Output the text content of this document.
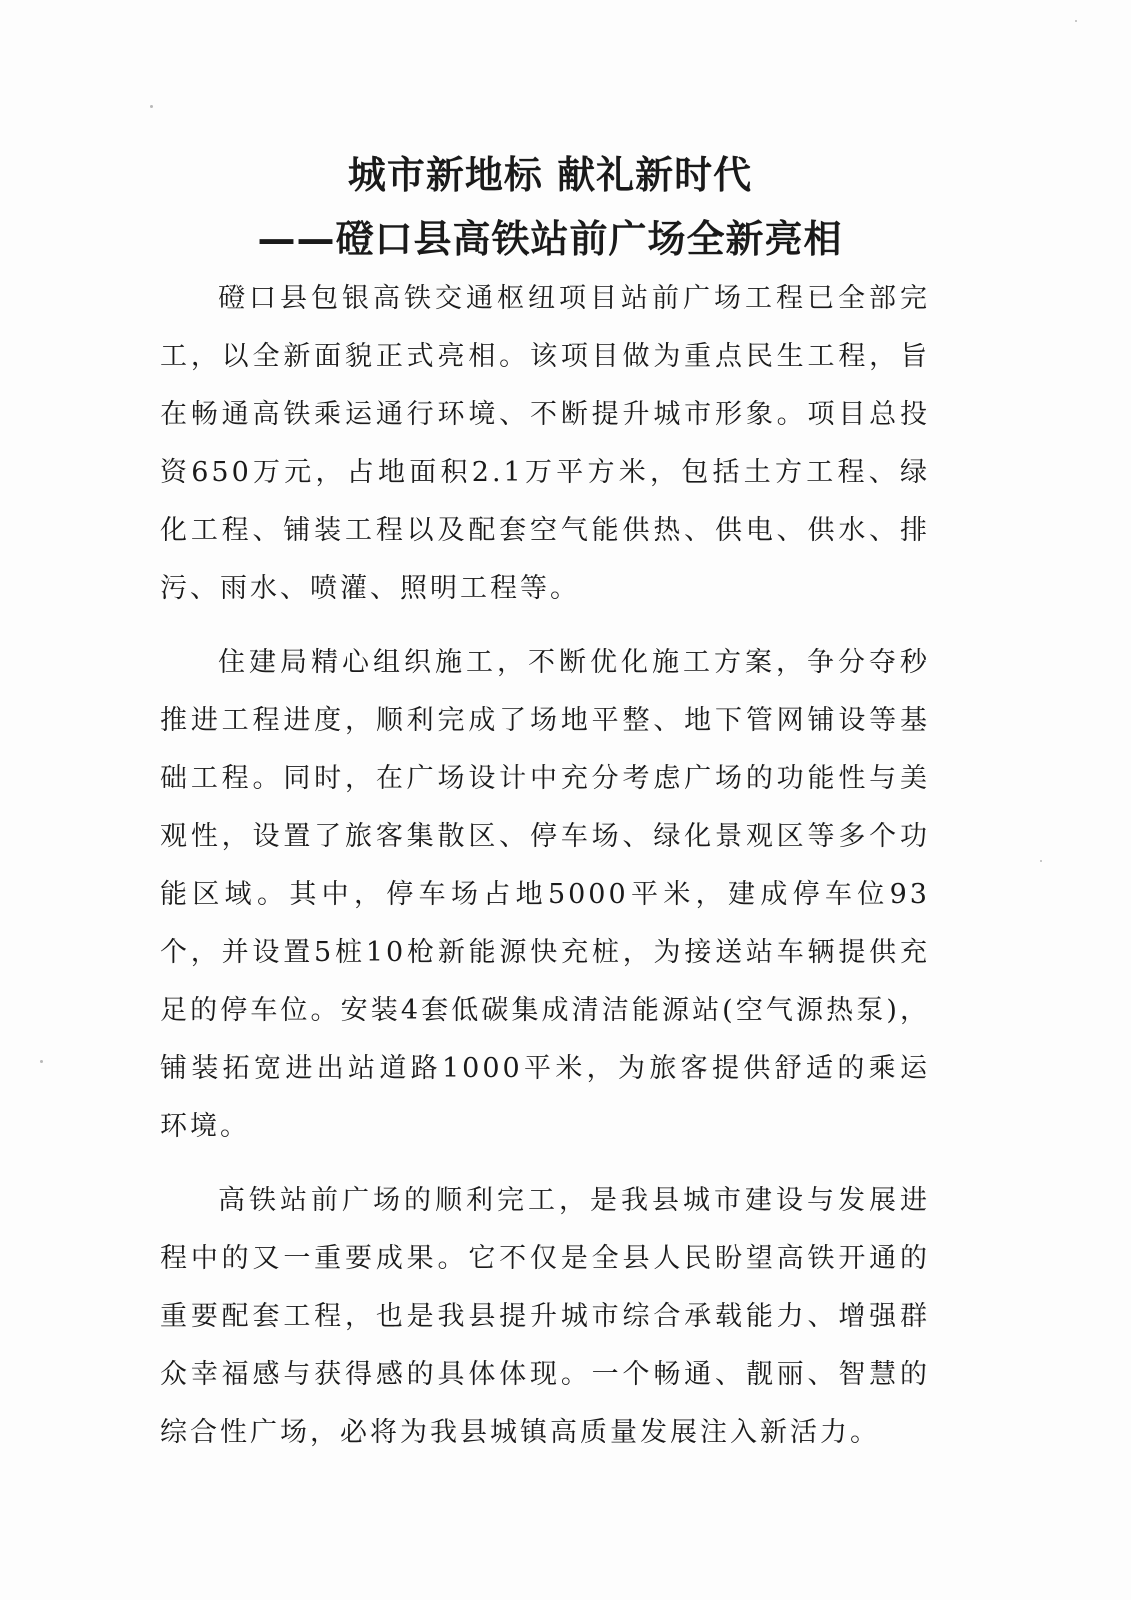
城市新地标 献礼新时代
——磴口县高铁站前广场全新亮相

磴口县包银高铁交通枢纽项目站前广场工程已全部完工，以全新面貌正式亮相。该项目做为重点民生工程，旨在畅通高铁乘运通行环境、不断提升城市形象。项目总投资650万元，占地面积2.1万平方米，包括土方工程、绿化工程、铺装工程以及配套空气能供热、供电、供水、排污、雨水、喷灌、照明工程等。

住建局精心组织施工，不断优化施工方案，争分夺秒推进工程进度，顺利完成了场地平整、地下管网铺设等基础工程。同时，在广场设计中充分考虑广场的功能性与美观性，设置了旅客集散区、停车场、绿化景观区等多个功能区域。其中，停车场占地5000平米，建成停车位93个，并设置5桩10枪新能源快充桩，为接送站车辆提供充足的停车位。安装4套低碳集成清洁能源站(空气源热泵)，铺装拓宽进出站道路1000平米，为旅客提供舒适的乘运环境。

高铁站前广场的顺利完工，是我县城市建设与发展进程中的又一重要成果。它不仅是全县人民盼望高铁开通的重要配套工程，也是我县提升城市综合承载能力、增强群众幸福感与获得感的具体体现。一个畅通、靓丽、智慧的综合性广场，必将为我县城镇高质量发展注入新活力。
